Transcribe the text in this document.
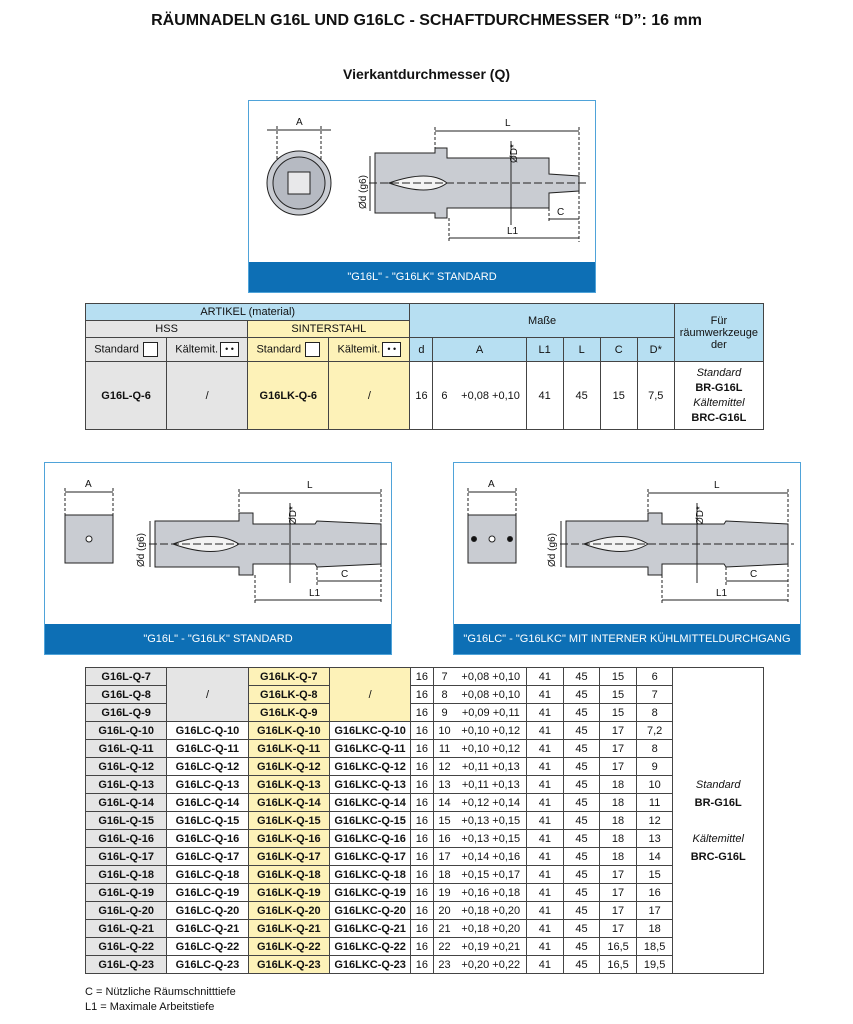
RÄUMNADELN G16L UND G16LC - SCHAFTDURCHMESSER “D”: 16 mm
Vierkantdurchmesser (Q)
A	L
L1
C
ØD*
Ød (g6)
"G16L" - "G16LK" STANDARD
ARTIKEL (material)				Maße							Für räumwerkzeuge der
HSS		SINTERSTAHL									
Standard	Kältemit. • •	Standard	Kältemit. • •	d	A		L1	L	C	D*	
G16L-Q-6	/	G16LK-Q-6	/	16	6	+0,08 +0,10	41	45	15	7,5	Standard
BR-G16L
Kältemittel
BRC-G16L
A	L
L1
C
ØD*
Ød (g6)
"G16L" - "G16LK" STANDARD
A	L
L1
C
ØD*
Ød (g6)
"G16LC" - "G16LKC" MIT INTERNER KÜHLMITTELDURCHGANG
G16L-Q-7	/	G16LK-Q-7	/	16	7	+0,08 +0,10	41	45	15	6	Standard
BR-G16L
Kältemittel
BRC-G16L

G16L-Q-8		G16LK-Q-8		16	8	+0,08 +0,10	41	45	15	7	
G16L-Q-9		G16LK-Q-9		16	9	+0,09 +0,11	41	45	15	8	
G16L-Q-10	G16LC-Q-10	G16LK-Q-10	G16LKC-Q-10	16	10	+0,10 +0,12	41	45	17	7,2	
G16L-Q-11	G16LC-Q-11	G16LK-Q-11	G16LKC-Q-11	16	11	+0,10 +0,12	41	45	17	8	
G16L-Q-12	G16LC-Q-12	G16LK-Q-12	G16LKC-Q-12	16	12	+0,11 +0,13	41	45	17	9	
G16L-Q-13	G16LC-Q-13	G16LK-Q-13	G16LKC-Q-13	16	13	+0,11 +0,13	41	45	18	10	
G16L-Q-14	G16LC-Q-14	G16LK-Q-14	G16LKC-Q-14	16	14	+0,12 +0,14	41	45	18	11	
G16L-Q-15	G16LC-Q-15	G16LK-Q-15	G16LKC-Q-15	16	15	+0,13 +0,15	41	45	18	12	
G16L-Q-16	G16LC-Q-16	G16LK-Q-16	G16LKC-Q-16	16	16	+0,13 +0,15	41	45	18	13	
G16L-Q-17	G16LC-Q-17	G16LK-Q-17	G16LKC-Q-17	16	17	+0,14 +0,16	41	45	18	14	
G16L-Q-18	G16LC-Q-18	G16LK-Q-18	G16LKC-Q-18	16	18	+0,15 +0,17	41	45	17	15	
G16L-Q-19	G16LC-Q-19	G16LK-Q-19	G16LKC-Q-19	16	19	+0,16 +0,18	41	45	17	16	
G16L-Q-20	G16LC-Q-20	G16LK-Q-20	G16LKC-Q-20	16	20	+0,18 +0,20	41	45	17	17	
G16L-Q-21	G16LC-Q-21	G16LK-Q-21	G16LKC-Q-21	16	21	+0,18 +0,20	41	45	17	18	
G16L-Q-22	G16LC-Q-22	G16LK-Q-22	G16LKC-Q-22	16	22	+0,19 +0,21	41	45	16,5	18,5	
G16L-Q-23	G16LC-Q-23	G16LK-Q-23	G16LKC-Q-23	16	23	+0,20 +0,22	41	45	16,5	19,5	
C = Nützliche Räumschnitttiefe
L1 = Maximale Arbeitstiefe
